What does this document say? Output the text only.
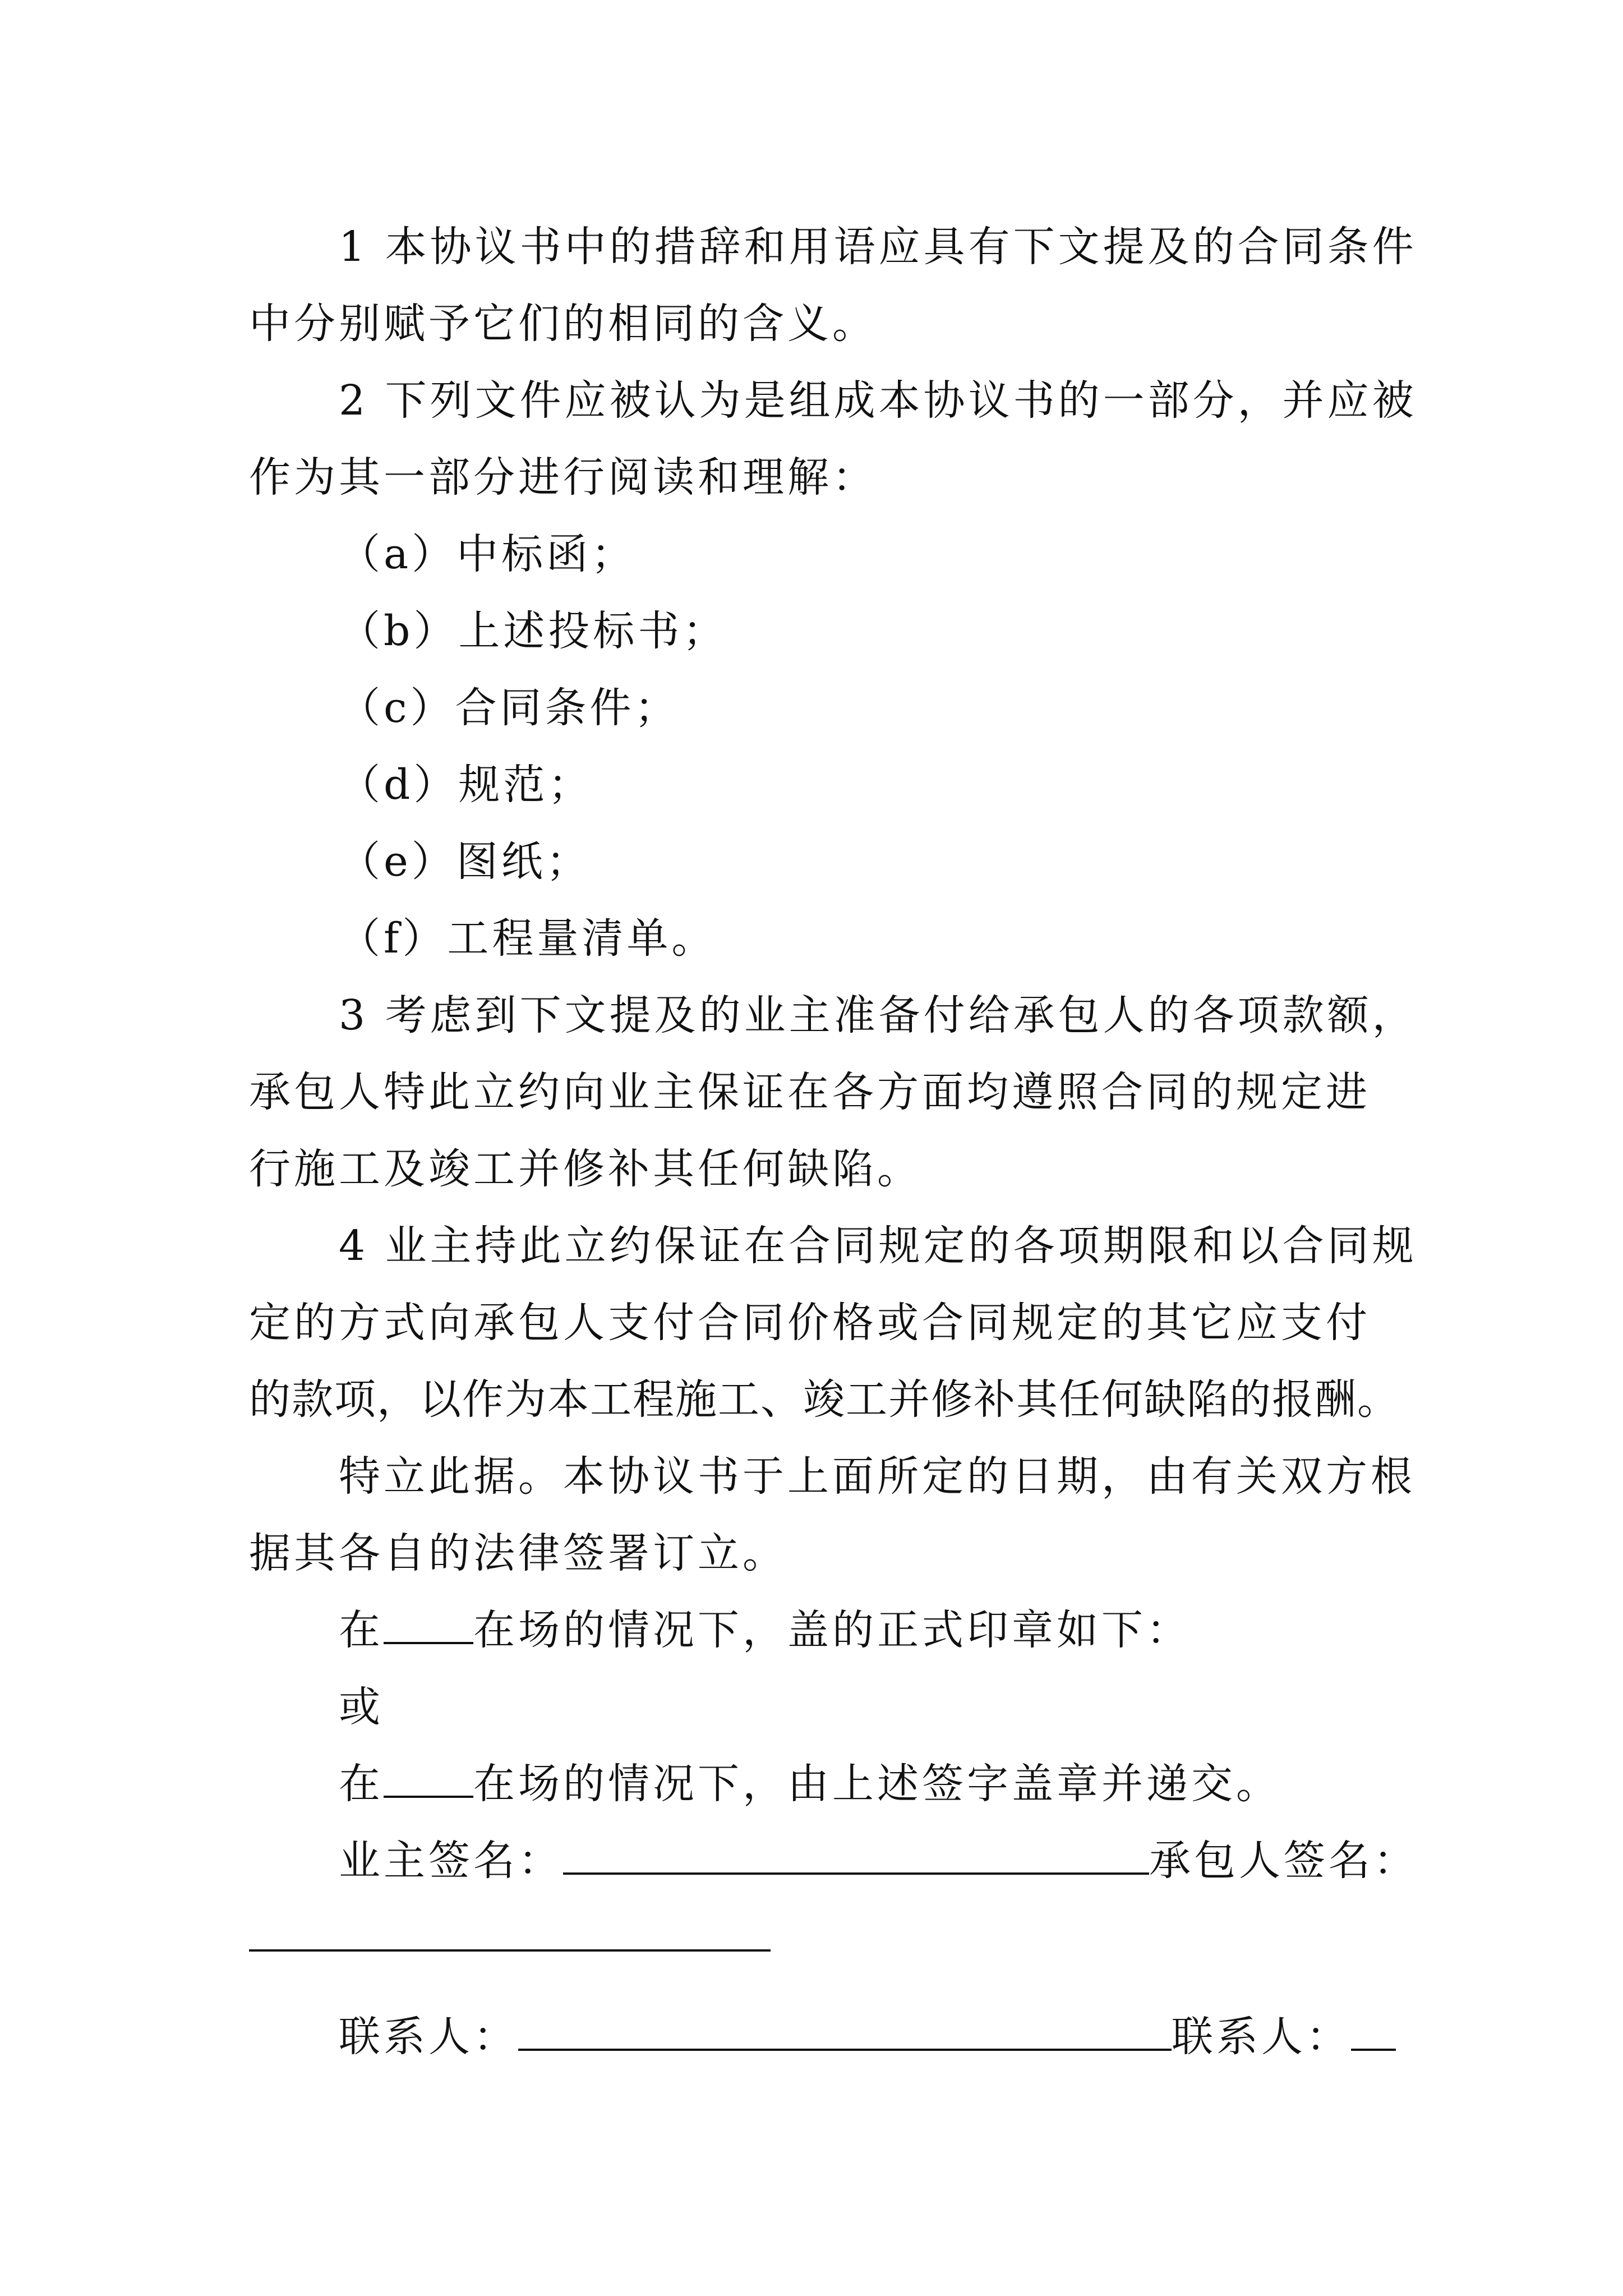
1 本协议书中的措辞和用语应具有下文提及的合同条件
中分别赋予它们的相同的含义。
2 下列文件应被认为是组成本协议书的一部分，并应被
作为其一部分进行阅读和理解：
（a）中标函；
（b）上述投标书；
（c）合同条件；
（d）规范；
（e）图纸；
（f）工程量清单。
3 考虑到下文提及的业主准备付给承包人的各项款额，
承包人特此立约向业主保证在各方面均遵照合同的规定进
行施工及竣工并修补其任何缺陷。
4 业主持此立约保证在合同规定的各项期限和以合同规
定的方式向承包人支付合同价格或合同规定的其它应支付
的款项，以作为本工程施工、竣工并修补其任何缺陷的报酬。
特立此据。本协议书于上面所定的日期，由有关双方根
据其各自的法律签署订立。
在 在场的情况下，盖的正式印章如下：
或
在 在场的情况下，由上述签字盖章并递交。
业主签名：	承包人签名：
联系人：	联系人：
